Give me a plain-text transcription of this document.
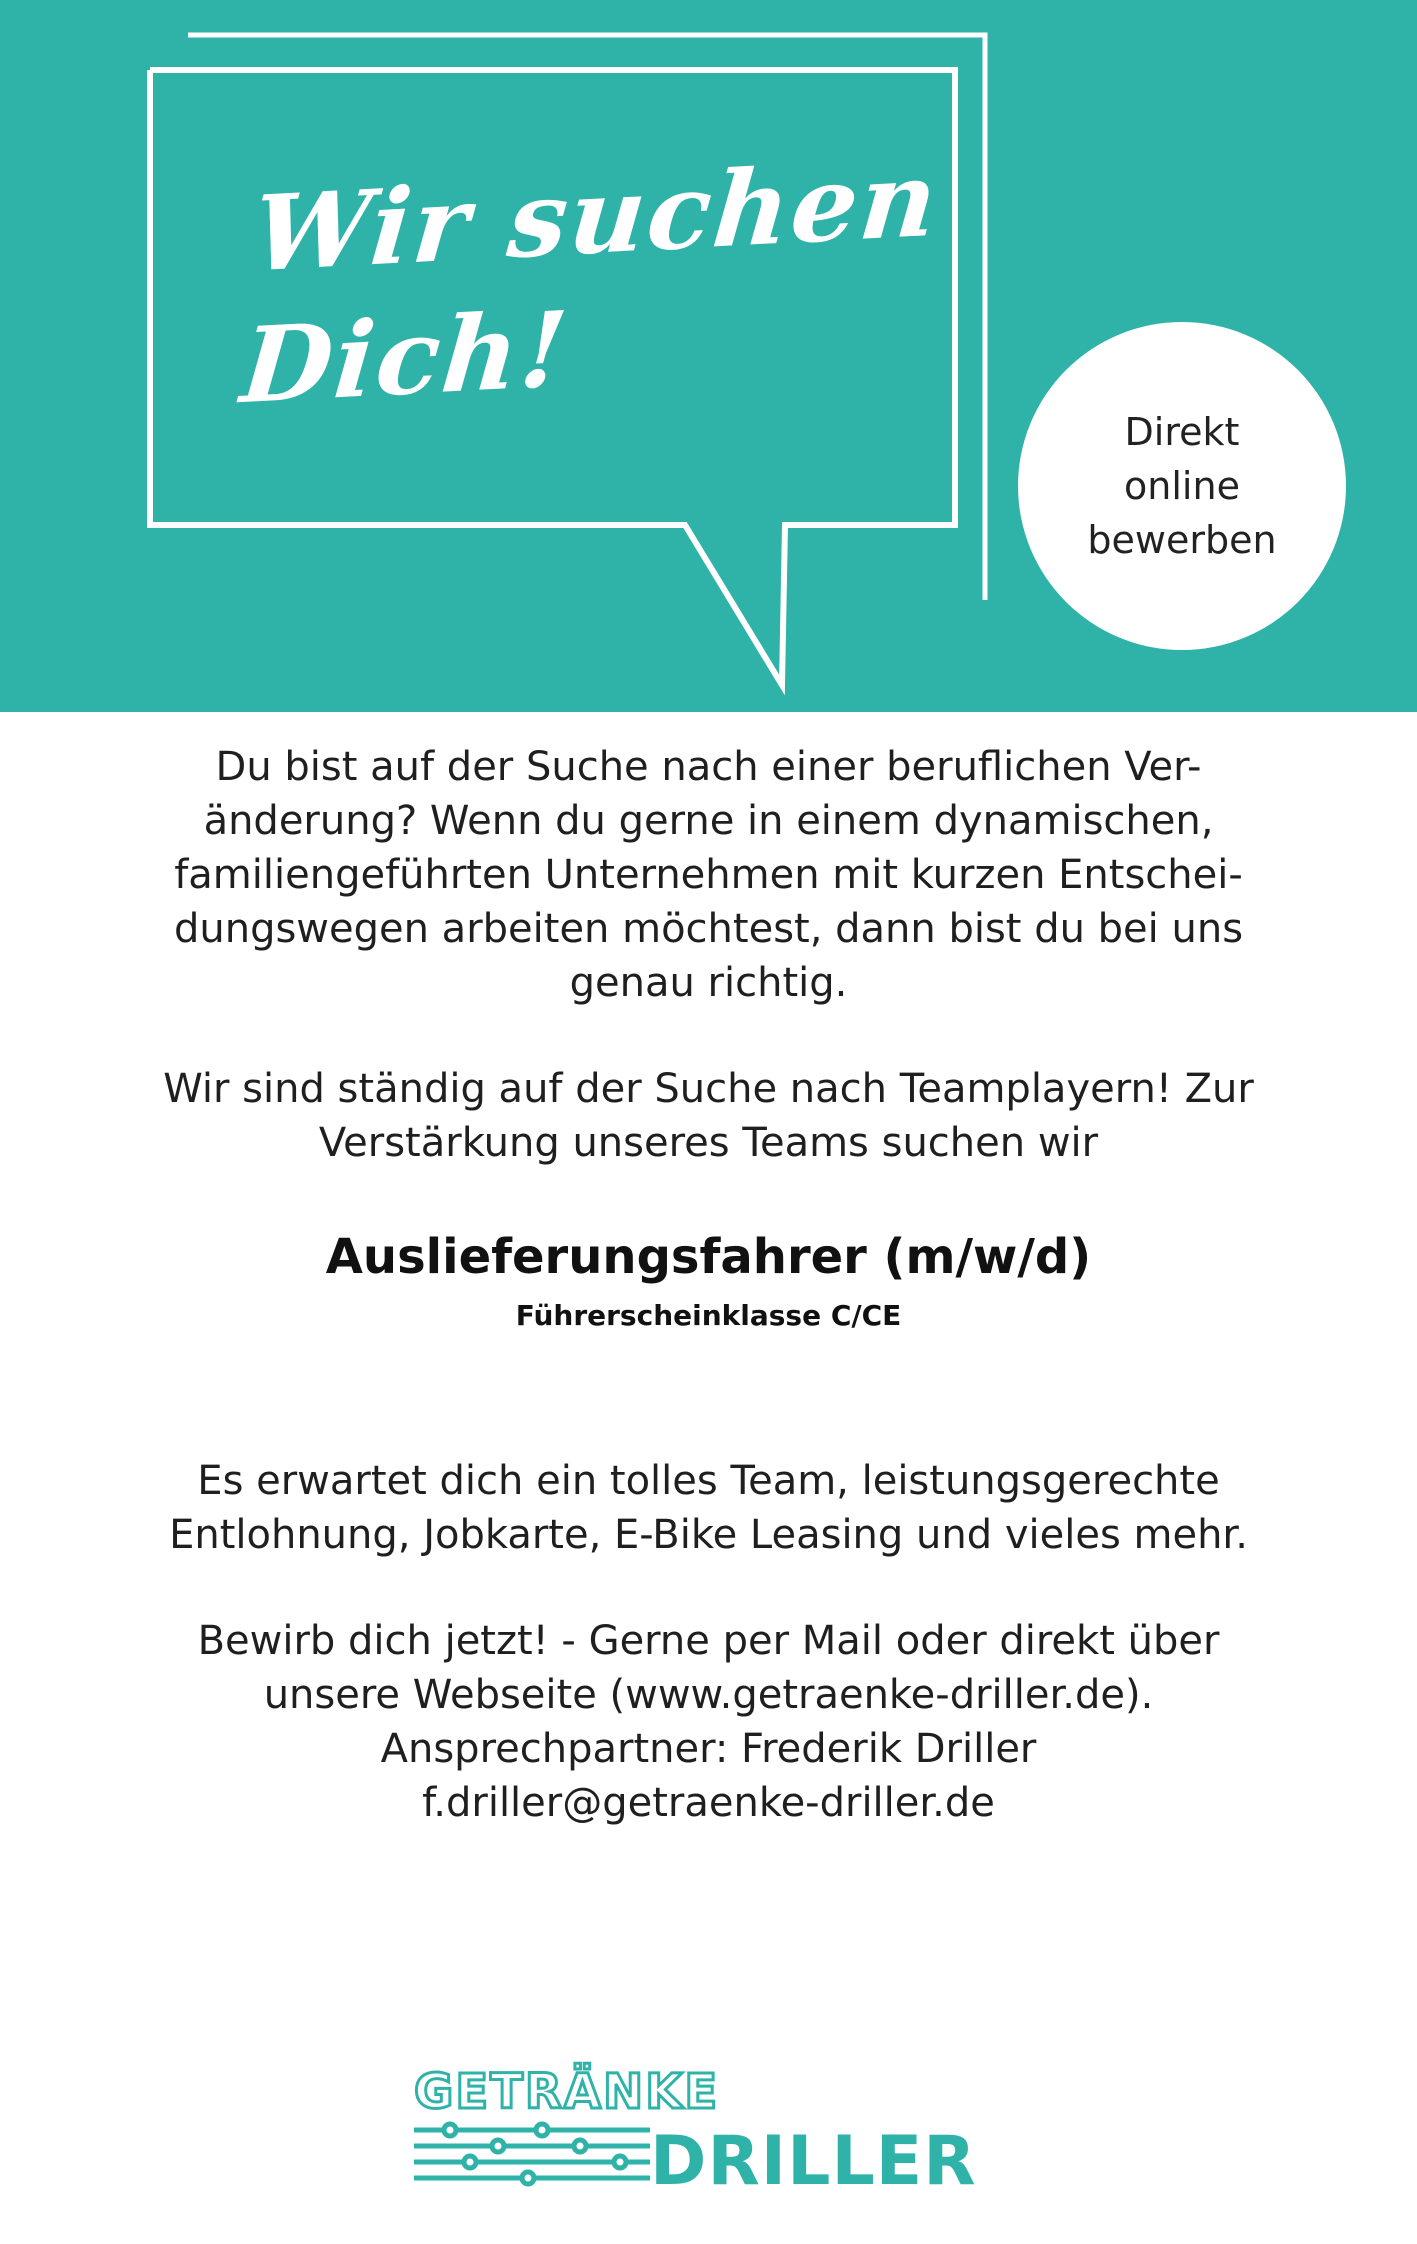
Wir suchen
Dich!
Direkt
online
bewerben

Du bist auf der Suche nach einer beruflichen Ver-
änderung? Wenn du gerne in einem dynamischen,
familiengeführten Unternehmen mit kurzen Entschei-
dungswegen arbeiten möchtest, dann bist du bei uns
genau richtig.

Wir sind ständig auf der Suche nach Teamplayern! Zur
Verstärkung unseres Teams suchen wir

Auslieferungsfahrer (m/w/d)

Führerscheinklasse C/CE

Es erwartet dich ein tolles Team, leistungsgerechte
Entlohnung, Jobkarte, E-Bike Leasing und vieles mehr.

Bewirb dich jetzt! - Gerne per Mail oder direkt über
unsere Webseite (www.getraenke-driller.de).
Ansprechpartner: Frederik Driller
f.driller@getraenke-driller.de

GETRÄNKE
DRILLER
